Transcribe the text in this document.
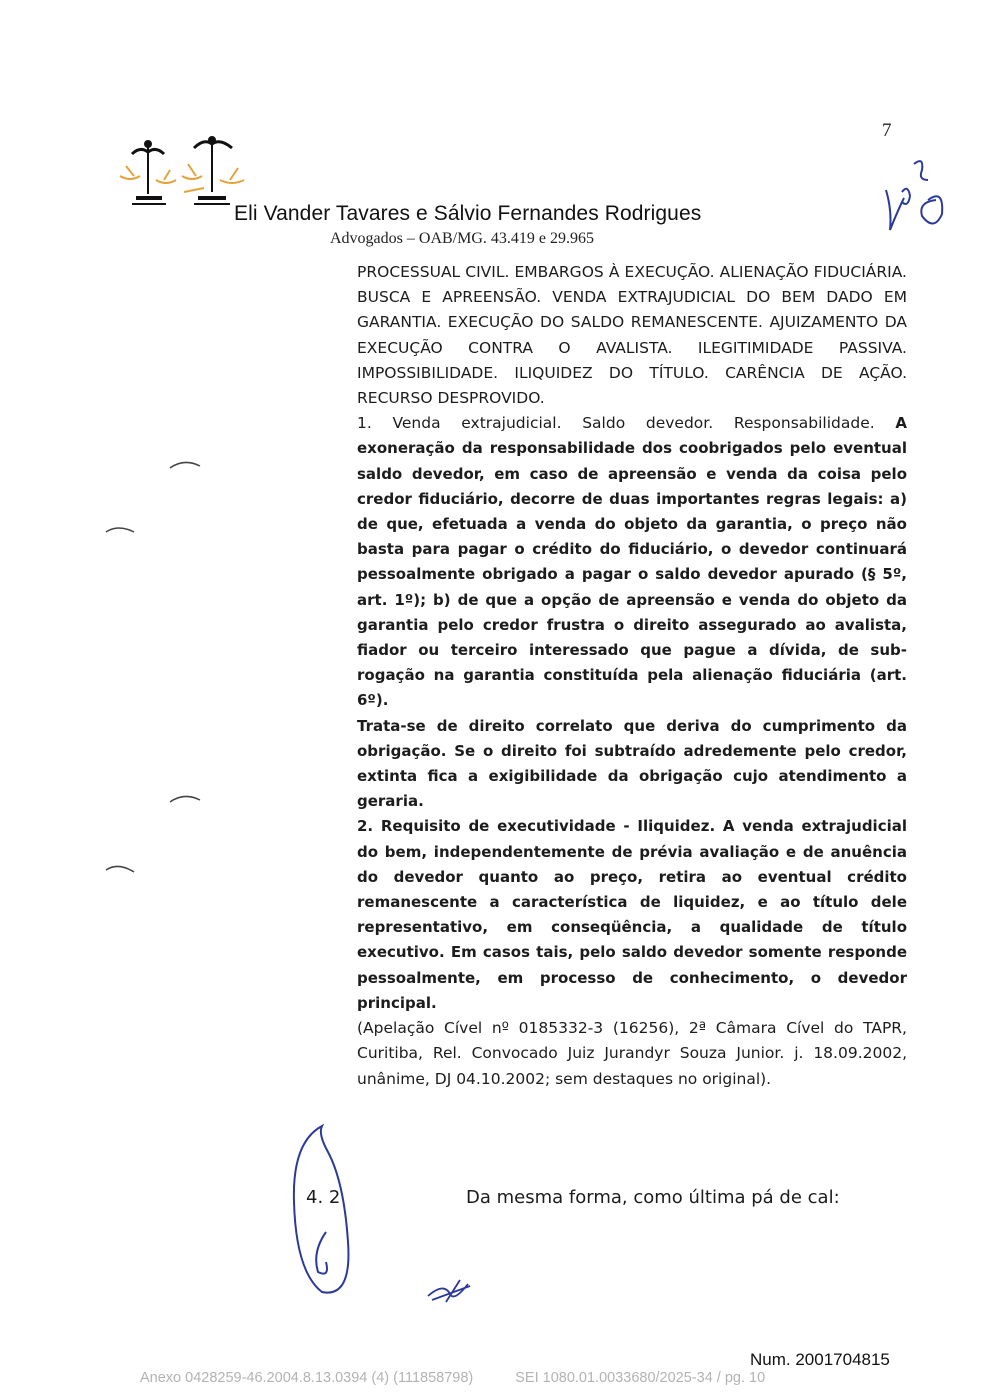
Eli Vander Tavares e Sálvio Fernandes Rodrigues
Advogados – OAB/MG. 43.419 e 29.965
7

PROCESSUAL CIVIL. EMBARGOS À EXECUÇÃO. ALIENAÇÃO FIDUCIÁRIA. BUSCA E APREENSÃO. VENDA EXTRAJUDICIAL DO BEM DADO EM GARANTIA. EXECUÇÃO DO SALDO REMANESCENTE. AJUIZAMENTO DA EXECUÇÃO CONTRA O AVALISTA. ILEGITIMIDADE PASSIVA. IMPOSSIBILIDADE. ILIQUIDEZ DO TÍTULO. CARÊNCIA DE AÇÃO. RECURSO DESPROVIDO.

1. Venda extrajudicial. Saldo devedor. Responsabilidade. A exoneração da responsabilidade dos coobrigados pelo eventual saldo devedor, em caso de apreensão e venda da coisa pelo credor fiduciário, decorre de duas importantes regras legais: a) de que, efetuada a venda do objeto da garantia, o preço não basta para pagar o crédito do fiduciário, o devedor continuará pessoalmente obrigado a pagar o saldo devedor apurado (§ 5º, art. 1º); b) de que a opção de apreensão e venda do objeto da garantia pelo credor frustra o direito assegurado ao avalista, fiador ou terceiro interessado que pague a dívida, de sub-rogação na garantia constituída pela alienação fiduciária (art. 6º).

Trata-se de direito correlato que deriva do cumprimento da obrigação. Se o direito foi subtraído adredemente pelo credor, extinta fica a exigibilidade da obrigação cujo atendimento a geraria.

2. Requisito de executividade - Iliquidez. A venda extrajudicial do bem, independentemente de prévia avaliação e de anuência do devedor quanto ao preço, retira ao eventual crédito remanescente a característica de liquidez, e ao título dele representativo, em conseqüência, a qualidade de título executivo. Em casos tais, pelo saldo devedor somente responde pessoalmente, em processo de conhecimento, o devedor principal.

(Apelação Cível nº 0185332-3 (16256), 2ª Câmara Cível do TAPR, Curitiba, Rel. Convocado Juiz Jurandyr Souza Junior. j. 18.09.2002, unânime, DJ 04.10.2002; sem destaques no original).

4. 2	Da mesma forma, como última pá de cal:
Num. 2001704815
Anexo 0428259-46.2004.8.13.0394 (4) (111858798)	SEI 1080.01.0033680/2025-34 / pg. 10
